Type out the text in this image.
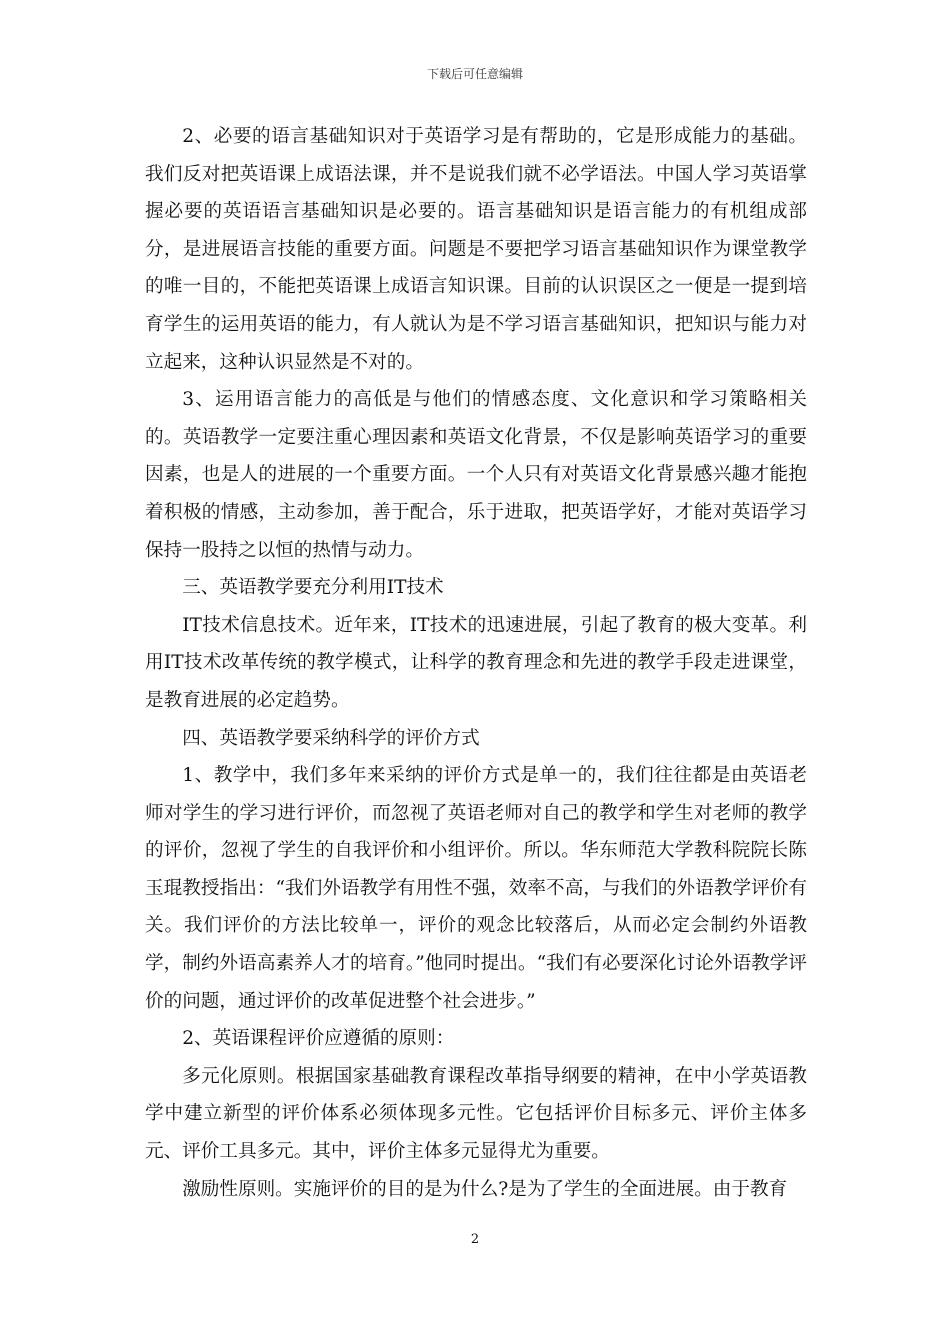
下载后可任意编辑

2、必要的语言基础知识对于英语学习是有帮助的，它是形成能力的基础。我们反对把英语课上成语法课，并不是说我们就不必学语法。中国人学习英语掌握必要的英语语言基础知识是必要的。语言基础知识是语言能力的有机组成部分，是进展语言技能的重要方面。问题是不要把学习语言基础知识作为课堂教学的唯一目的，不能把英语课上成语言知识课。目前的认识误区之一便是一提到培育学生的运用英语的能力，有人就认为是不学习语言基础知识，把知识与能力对立起来，这种认识显然是不对的。

3、运用语言能力的高低是与他们的情感态度、文化意识和学习策略相关的。英语教学一定要注重心理因素和英语文化背景，不仅是影响英语学习的重要因素，也是人的进展的一个重要方面。一个人只有对英语文化背景感兴趣才能抱着积极的情感，主动参加，善于配合，乐于进取，把英语学好，才能对英语学习保持一股持之以恒的热情与动力。

三、英语教学要充分利用IT技术

IT技术信息技术。近年来，IT技术的迅速进展，引起了教育的极大变革。利用IT技术改革传统的教学模式，让科学的教育理念和先进的教学手段走进课堂，是教育进展的必定趋势。

四、英语教学要采纳科学的评价方式

1、教学中，我们多年来采纳的评价方式是单一的，我们往往都是由英语老师对学生的学习进行评价，而忽视了英语老师对自己的教学和学生对老师的教学的评价，忽视了学生的自我评价和小组评价。所以。华东师范大学教科院院长陈玉琨教授指出：“我们外语教学有用性不强，效率不高，与我们的外语教学评价有关。我们评价的方法比较单一，评价的观念比较落后，从而必定会制约外语教学，制约外语高素养人才的培育。”他同时提出。“我们有必要深化讨论外语教学评价的问题，通过评价的改革促进整个社会进步。”

2、英语课程评价应遵循的原则：

多元化原则。根据国家基础教育课程改革指导纲要的精神，在中小学英语教学中建立新型的评价体系必须体现多元性。它包括评价目标多元、评价主体多元、评价工具多元。其中，评价主体多元显得尤为重要。

激励性原则。实施评价的目的是为什么?是为了学生的全面进展。由于教育

2
